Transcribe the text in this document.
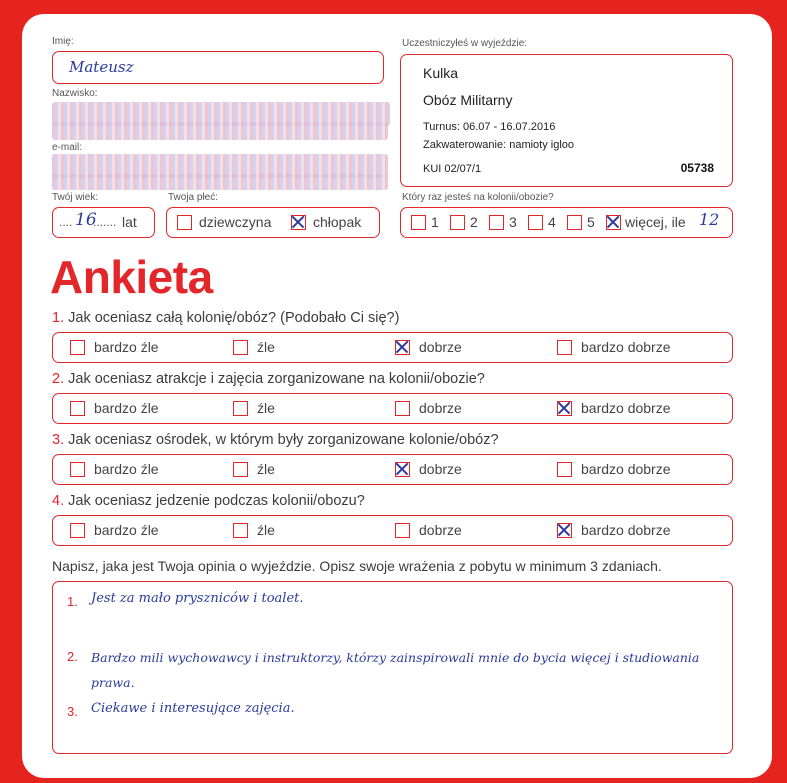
Imię:
Mateusz
Nazwisko:
e-mail:
Uczestniczyłeś w wyjeździe:
Kulka
Obóz Militarny
Turnus: 06.07 - 16.07.2016
Zakwaterowanie: namioty igloo
KUI 02/07/1	05738
Twój wiek:
.... 16
....... lat
Twoja płeć:
dziewczyna	chłopak
Który raz jesteś na kolonii/obozie?
1 2 3 4 5 więcej, ile 12
Ankieta
1. Jak oceniasz całą kolonię/obóz? (Podobało Ci się?)
bardzo źle	źle	dobrze	bardzo dobrze
2. Jak oceniasz atrakcje i zajęcia zorganizowane na kolonii/obozie?
bardzo źle	źle	dobrze	bardzo dobrze
3. Jak oceniasz ośrodek, w którym były zorganizowane kolonie/obóz?
bardzo źle	źle	dobrze	bardzo dobrze
4. Jak oceniasz jedzenie podczas kolonii/obozu?
bardzo źle	źle	dobrze	bardzo dobrze
Napisz, jaka jest Twoja opinia o wyjeździe. Opisz swoje wrażenia z pobytu w minimum 3 zdaniach.
1. Jest za mało pryszniców i toalet.
2. Bardzo mili wychowawcy i instruktorzy, którzy zainspirowali mnie do bycia więcej i studiowania prawa.
3. Ciekawe i interesujące zajęcia.
